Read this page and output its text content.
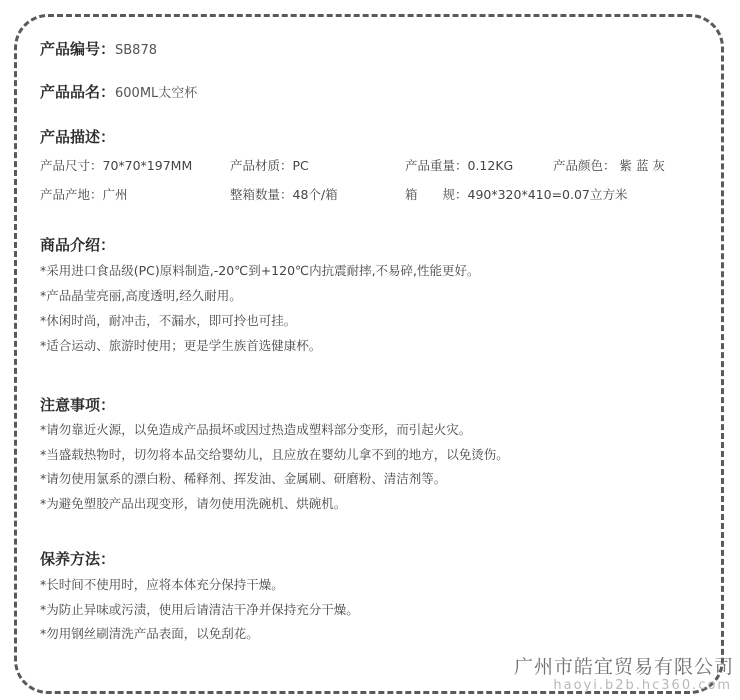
产品编号：SB878
产品品名：600ML太空杯
产品描述：
产品尺寸：70*70*197MM	产品材质：PC	产品重量：0.12KG	产品颜色： 紫 蓝 灰
产品产地：广州	整箱数量：48个/箱	箱　　规：490*320*410=0.07立方米
商品介绍：
*采用进口食品级(PC)原料制造,-20℃到+120℃内抗震耐摔,不易碎,性能更好。
*产品晶莹亮丽,高度透明,经久耐用。
*休闲时尚，耐冲击，不漏水，即可拎也可挂。
*适合运动、旅游时使用；更是学生族首选健康杯。
注意事项：
*请勿靠近火源，以免造成产品损坏或因过热造成塑料部分变形，而引起火灾。
*当盛载热物时，切勿将本品交给婴幼儿，且应放在婴幼儿拿不到的地方，以免烫伤。
*请勿使用氯系的漂白粉、稀释剂、挥发油、金属刷、研磨粉、清洁剂等。
*为避免塑胶产品出现变形，请勿使用洗碗机、烘碗机。
保养方法：
*长时间不使用时，应将本体充分保持干燥。
*为防止异味或污渍，使用后请清洁干净并保持充分干燥。
*勿用钢丝刷清洗产品表面，以免刮花。
广州市皓宜贸易有限公司
haoyi.b2b.hc360.com
